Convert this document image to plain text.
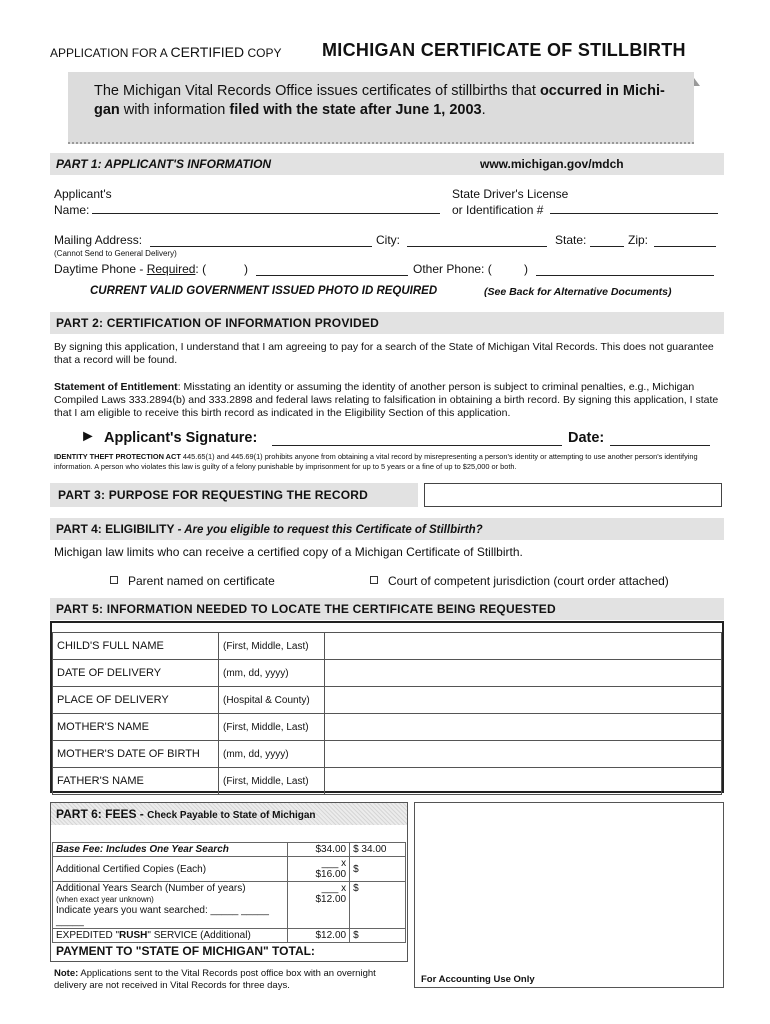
APPLICATION FOR A CERTIFIED COPY MICHIGAN CERTIFICATE OF STILLBIRTH
The Michigan Vital Records Office issues certificates of stillbirths that occurred in Michi-gan with information filed with the state after June 1, 2003.
PART 1: APPLICANT'S INFORMATION	www.michigan.gov/mdch
Applicant's
Name:
State Driver's License
or Identification #
Mailing Address:
(Cannot Send to General Delivery)
City:	State:	Zip:
Daytime Phone - Required: (	)	Other Phone: (	)
CURRENT VALID GOVERNMENT ISSUED PHOTO ID REQUIRED	(See Back for Alternative Documents)
PART 2: CERTIFICATION OF INFORMATION PROVIDED
By signing this application, I understand that I am agreeing to pay for a search of the State of Michigan Vital Records. This does not guarantee that a record will be found.
Statement of Entitlement: Misstating an identity or assuming the identity of another person is subject to criminal penalties, e.g., Michigan Compiled Laws 333.2894(b) and 333.2898 and federal laws relating to falsification in obtaining a birth record. By signing this application, I state that I am eligible to receive this birth record as indicated in the Eligibility Section of this application.
► Applicant's Signature:	Date:
IDENTITY THEFT PROTECTION ACT 445.65(1) and 445.69(1) prohibits anyone from obtaining a vital record by misrepresenting a person's identity or attempting to use another person's identifying information. A person who violates this law is guilty of a felony punishable by imprisonment for up to 5 years or a fine of up to $25,000 or both.
PART 3: PURPOSE FOR REQUESTING THE RECORD
PART 4: ELIGIBILITY - Are you eligible to request this Certificate of Stillbirth?
Michigan law limits who can receive a certified copy of a Michigan Certificate of Stillbirth.
Parent named on certificate	Court of competent jurisdiction (court order attached)
PART 5: INFORMATION NEEDED TO LOCATE THE CERTIFICATE BEING REQUESTED
CHILD'S FULL NAME	(First, Middle, Last)	
DATE OF DELIVERY	(mm, dd, yyyy)	
PLACE OF DELIVERY	(Hospital & County)	
MOTHER'S NAME	(First, Middle, Last)	
MOTHER'S DATE OF BIRTH	(mm, dd, yyyy)	
FATHER'S NAME	(First, Middle, Last)	
PART 6: FEES - Check Payable to State of Michigan
Base Fee: Includes One Year Search	$34.00	$ 34.00
Additional Certified Copies (Each)	___ x $16.00	$

Additional Years Search (Number of years)
(when exact year unknown)
Indicate years you want searched: _____ _____ _____	___ x $12.00	$
EXPEDITED "RUSH" SERVICE (Additional)	$12.00	$
PAYMENT TO "STATE OF MICHIGAN" TOTAL:
Note: Applications sent to the Vital Records post office box with an overnight delivery are not received in Vital Records for three days.
For Accounting Use Only
